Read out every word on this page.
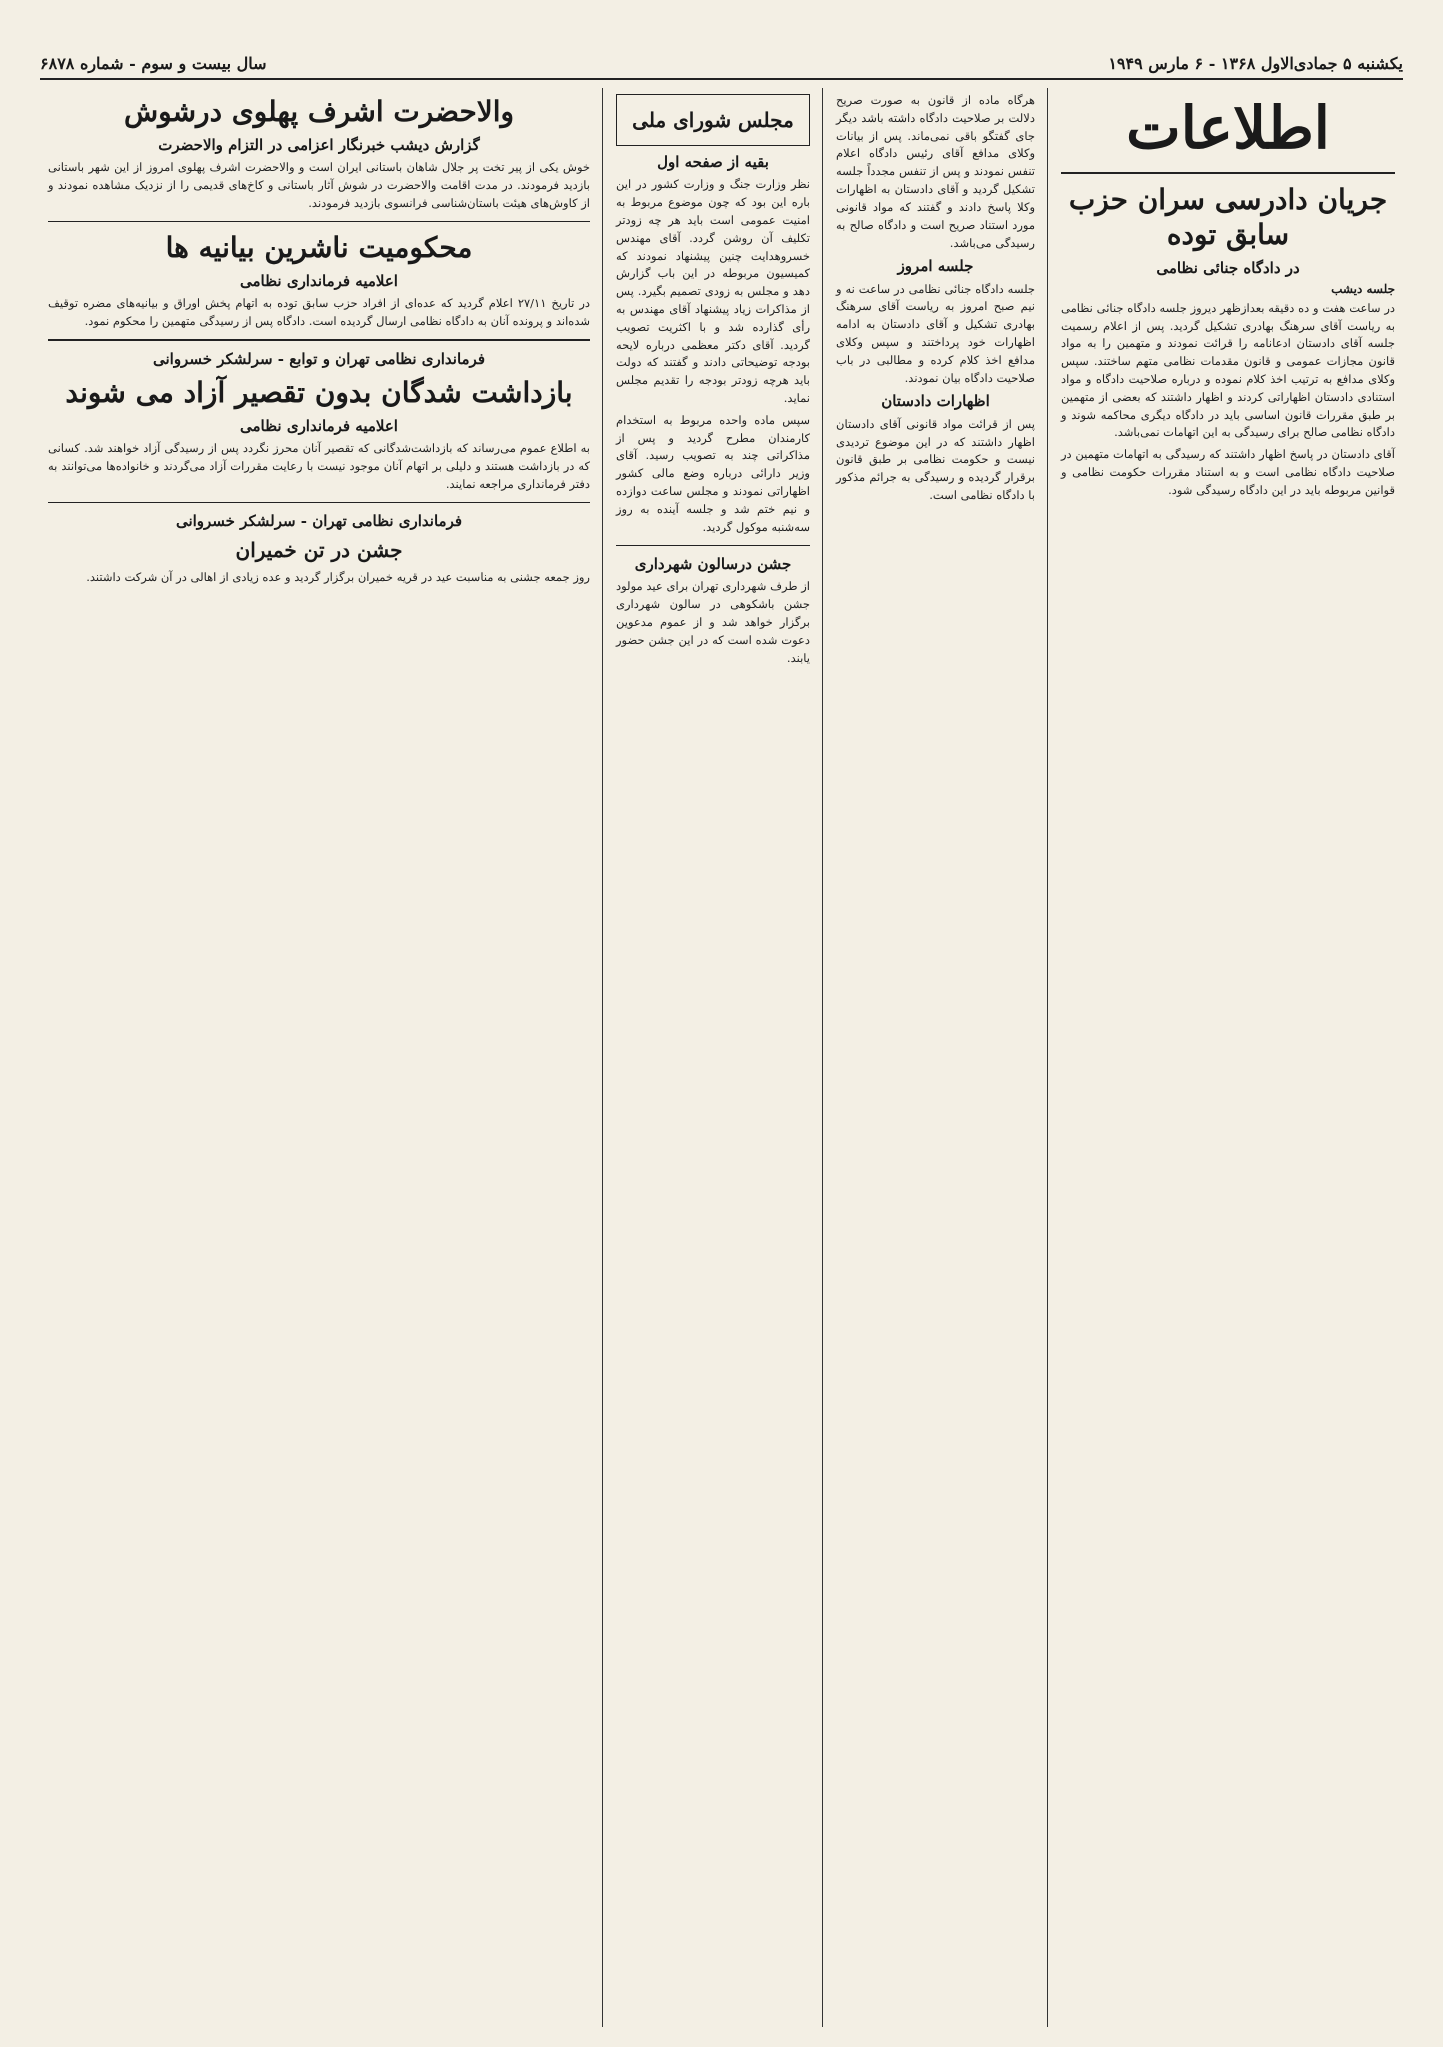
یکشنبه ۵ جمادی‌الاول ۱۳۶۸ - ۶ مارس ۱۹۴۹
سال بیست و سوم - شماره ۶۸۷۸
اطلاعات
جریان دادرسی سران حزب سابق توده
در دادگاه جنائی نظامی
جلسه دیشب
در ساعت هفت و ده دقیقه بعدازظهر دیروز جلسه دادگاه جنائی نظامی به ریاست آقای سرهنگ بهادری تشکیل گردید. پس از اعلام رسمیت جلسه آقای دادستان ادعانامه را قرائت نمودند و متهمین را به مواد قانون مجازات عمومی و قانون مقدمات نظامی متهم ساختند. سپس وکلای مدافع به ترتیب اخذ کلام نموده و درباره صلاحیت دادگاه و مواد استنادی دادستان اظهاراتی کردند و اظهار داشتند که بعضی از متهمین بر طبق مقررات قانون اساسی باید در دادگاه دیگری محاکمه شوند و دادگاه نظامی صالح برای رسیدگی به این اتهامات نمی‌باشد.
آقای دادستان در پاسخ اظهار داشتند که رسیدگی به اتهامات متهمین در صلاحیت دادگاه نظامی است و به استناد مقررات حکومت نظامی و قوانین مربوطه باید در این دادگاه رسیدگی شود.
هرگاه ماده از قانون به صورت صریح دلالت بر صلاحیت دادگاه داشته باشد دیگر جای گفتگو باقی نمی‌ماند. پس از بیانات وکلای مدافع آقای رئیس دادگاه اعلام تنفس نمودند و پس از تنفس مجدداً جلسه تشکیل گردید و آقای دادستان به اظهارات وکلا پاسخ دادند و گفتند که مواد قانونی مورد استناد صریح است و دادگاه صالح به رسیدگی می‌باشد.
جلسه امروز
جلسه دادگاه جنائی نظامی در ساعت نه و نیم صبح امروز به ریاست آقای سرهنگ بهادری تشکیل و آقای دادستان به ادامه اظهارات خود پرداختند و سپس وکلای مدافع اخذ کلام کرده و مطالبی در باب صلاحیت دادگاه بیان نمودند.
اظهارات دادستان
پس از قرائت مواد قانونی آقای دادستان اظهار داشتند که در این موضوع تردیدی نیست و حکومت نظامی بر طبق قانون برقرار گردیده و رسیدگی به جرائم مذکور با دادگاه نظامی است.
مجلس شورای ملی
بقیه از صفحه اول
نظر وزارت جنگ و وزارت کشور در این باره این بود که چون موضوع مربوط به امنیت عمومی است باید هر چه زودتر تکلیف آن روشن گردد. آقای مهندس خسروهدایت چنین پیشنهاد نمودند که کمیسیون مربوطه در این باب گزارش دهد و مجلس به زودی تصمیم بگیرد. پس از مذاکرات زیاد پیشنهاد آقای مهندس به رأی گذارده شد و با اکثریت تصویب گردید. آقای دکتر معظمی درباره لایحه بودجه توضیحاتی دادند و گفتند که دولت باید هرچه زودتر بودجه را تقدیم مجلس نماید.
سپس ماده واحده مربوط به استخدام کارمندان مطرح گردید و پس از مذاکراتی چند به تصویب رسید. آقای وزیر دارائی درباره وضع مالی کشور اظهاراتی نمودند و مجلس ساعت دوازده و نیم ختم شد و جلسه آینده به روز سه‌شنبه موکول گردید.
جشن درسالون شهرداری
از طرف شهرداری تهران برای عید مولود جشن باشکوهی در سالون شهرداری برگزار خواهد شد و از عموم مدعوین دعوت شده است که در این جشن حضور یابند.
والاحضرت اشرف پهلوی درشوش
گزارش دیشب خبرنگار اعزامی در التزام والاحضرت
خوش یکی از پیر تخت پر جلال شاهان باستانی ایران است و والاحضرت اشرف پهلوی امروز از این شهر باستانی بازدید فرمودند. در مدت اقامت والاحضرت در شوش آثار باستانی و کاخ‌های قدیمی را از نزدیک مشاهده نمودند و از کاوش‌های هیئت باستان‌شناسی فرانسوی بازدید فرمودند.
محکومیت ناشرین بیانیه ها
اعلامیه فرمانداری نظامی
در تاریخ ۲۷/۱۱ اعلام گردید که عده‌ای از افراد حزب سابق توده به اتهام پخش اوراق و بیانیه‌های مضره توقیف شده‌اند و پرونده آنان به دادگاه نظامی ارسال گردیده است. دادگاه پس از رسیدگی متهمین را محکوم نمود.
فرمانداری نظامی تهران و توابع - سرلشکر خسروانی
بازداشت شدگان بدون تقصیر آزاد می شوند
اعلامیه فرمانداری نظامی
به اطلاع عموم می‌رساند که بازداشت‌شدگانی که تقصیر آنان محرز نگردد پس از رسیدگی آزاد خواهند شد. کسانی که در بازداشت هستند و دلیلی بر اتهام آنان موجود نیست با رعایت مقررات آزاد می‌گردند و خانواده‌ها می‌توانند به دفتر فرمانداری مراجعه نمایند.
فرمانداری نظامی تهران - سرلشکر خسروانی
جشن در تن خمیران
روز جمعه جشنی به مناسبت عید در قریه خمیران برگزار گردید و عده زیادی از اهالی در آن شرکت داشتند.
